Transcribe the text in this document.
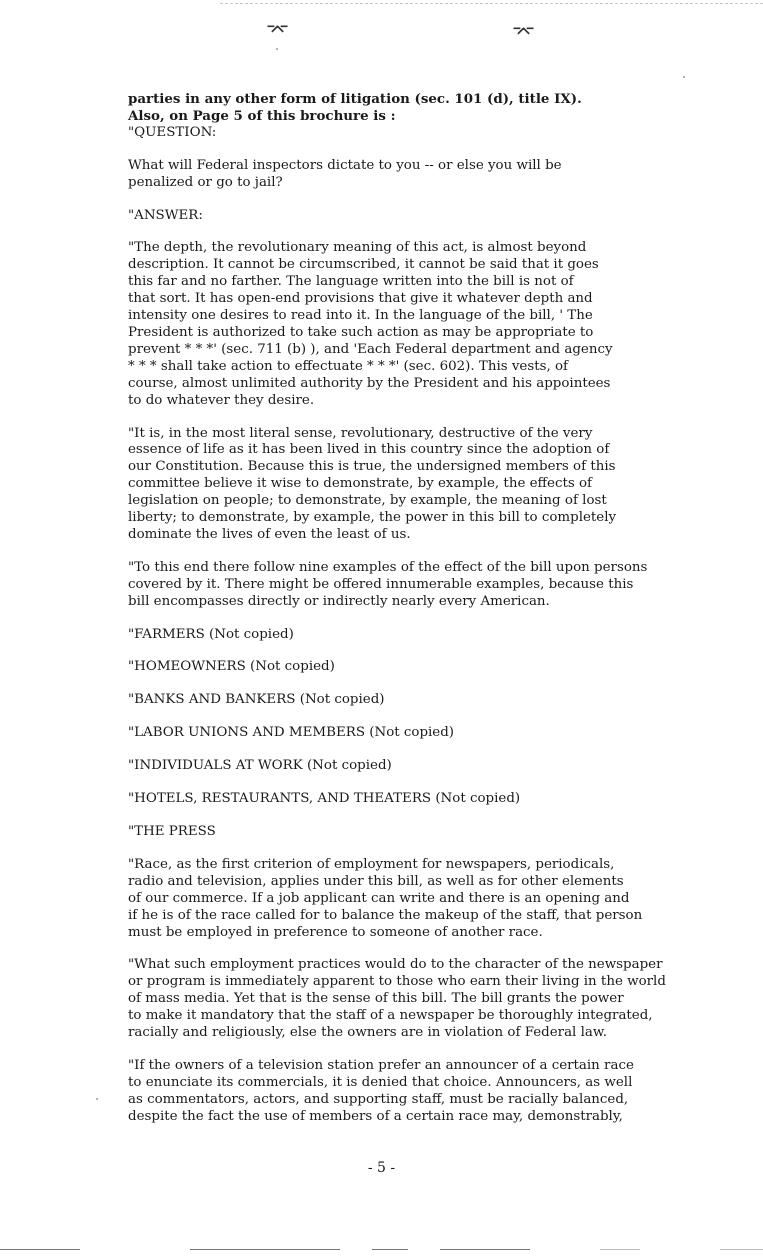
⌤	⌤

parties in any other form of litigation (sec. 101 (d), title IX).

Also, on Page 5 of this brochure is :

"QUESTION:

What will Federal inspectors dictate to you -- or else you will be

penalized or go to jail?

"ANSWER:

"The depth, the revolutionary meaning of this act, is almost beyond

description. It cannot be circumscribed, it cannot be said that it goes

this far and no farther. The language written into the bill is not of

that sort. It has open-end provisions that give it whatever depth and

intensity one desires to read into it. In the language of the bill, ' The

President is authorized to take such action as may be appropriate to

prevent * * *' (sec. 711 (b) ), and 'Each Federal department and agency

* * * shall take action to effectuate * * *' (sec. 602). This vests, of

course, almost unlimited authority by the President and his appointees

to do whatever they desire.

"It is, in the most literal sense, revolutionary, destructive of the very

essence of life as it has been lived in this country since the adoption of

our Constitution. Because this is true, the undersigned members of this

committee believe it wise to demonstrate, by example, the effects of

legislation on people; to demonstrate, by example, the meaning of lost

liberty; to demonstrate, by example, the power in this bill to completely

dominate the lives of even the least of us.

"To this end there follow nine examples of the effect of the bill upon persons

covered by it. There might be offered innumerable examples, because this

bill encompasses directly or indirectly nearly every American.

"FARMERS (Not copied)

"HOMEOWNERS (Not copied)

"BANKS AND BANKERS (Not copied)

"LABOR UNIONS AND MEMBERS (Not copied)

"INDIVIDUALS AT WORK (Not copied)

"HOTELS, RESTAURANTS, AND THEATERS (Not copied)

"THE PRESS

"Race, as the first criterion of employment for newspapers, periodicals,

radio and television, applies under this bill, as well as for other elements

of our commerce. If a job applicant can write and there is an opening and

if he is of the race called for to balance the makeup of the staff, that person

must be employed in preference to someone of another race.

"What such employment practices would do to the character of the newspaper

or program is immediately apparent to those who earn their living in the world

of mass media. Yet that is the sense of this bill. The bill grants the power

to make it mandatory that the staff of a newspaper be thoroughly integrated,

racially and religiously, else the owners are in violation of Federal law.

"If the owners of a television station prefer an announcer of a certain race

to enunciate its commercials, it is denied that choice. Announcers, as well

as commentators, actors, and supporting staff, must be racially balanced,

despite the fact the use of members of a certain race may, demonstrably,

- 5 -
